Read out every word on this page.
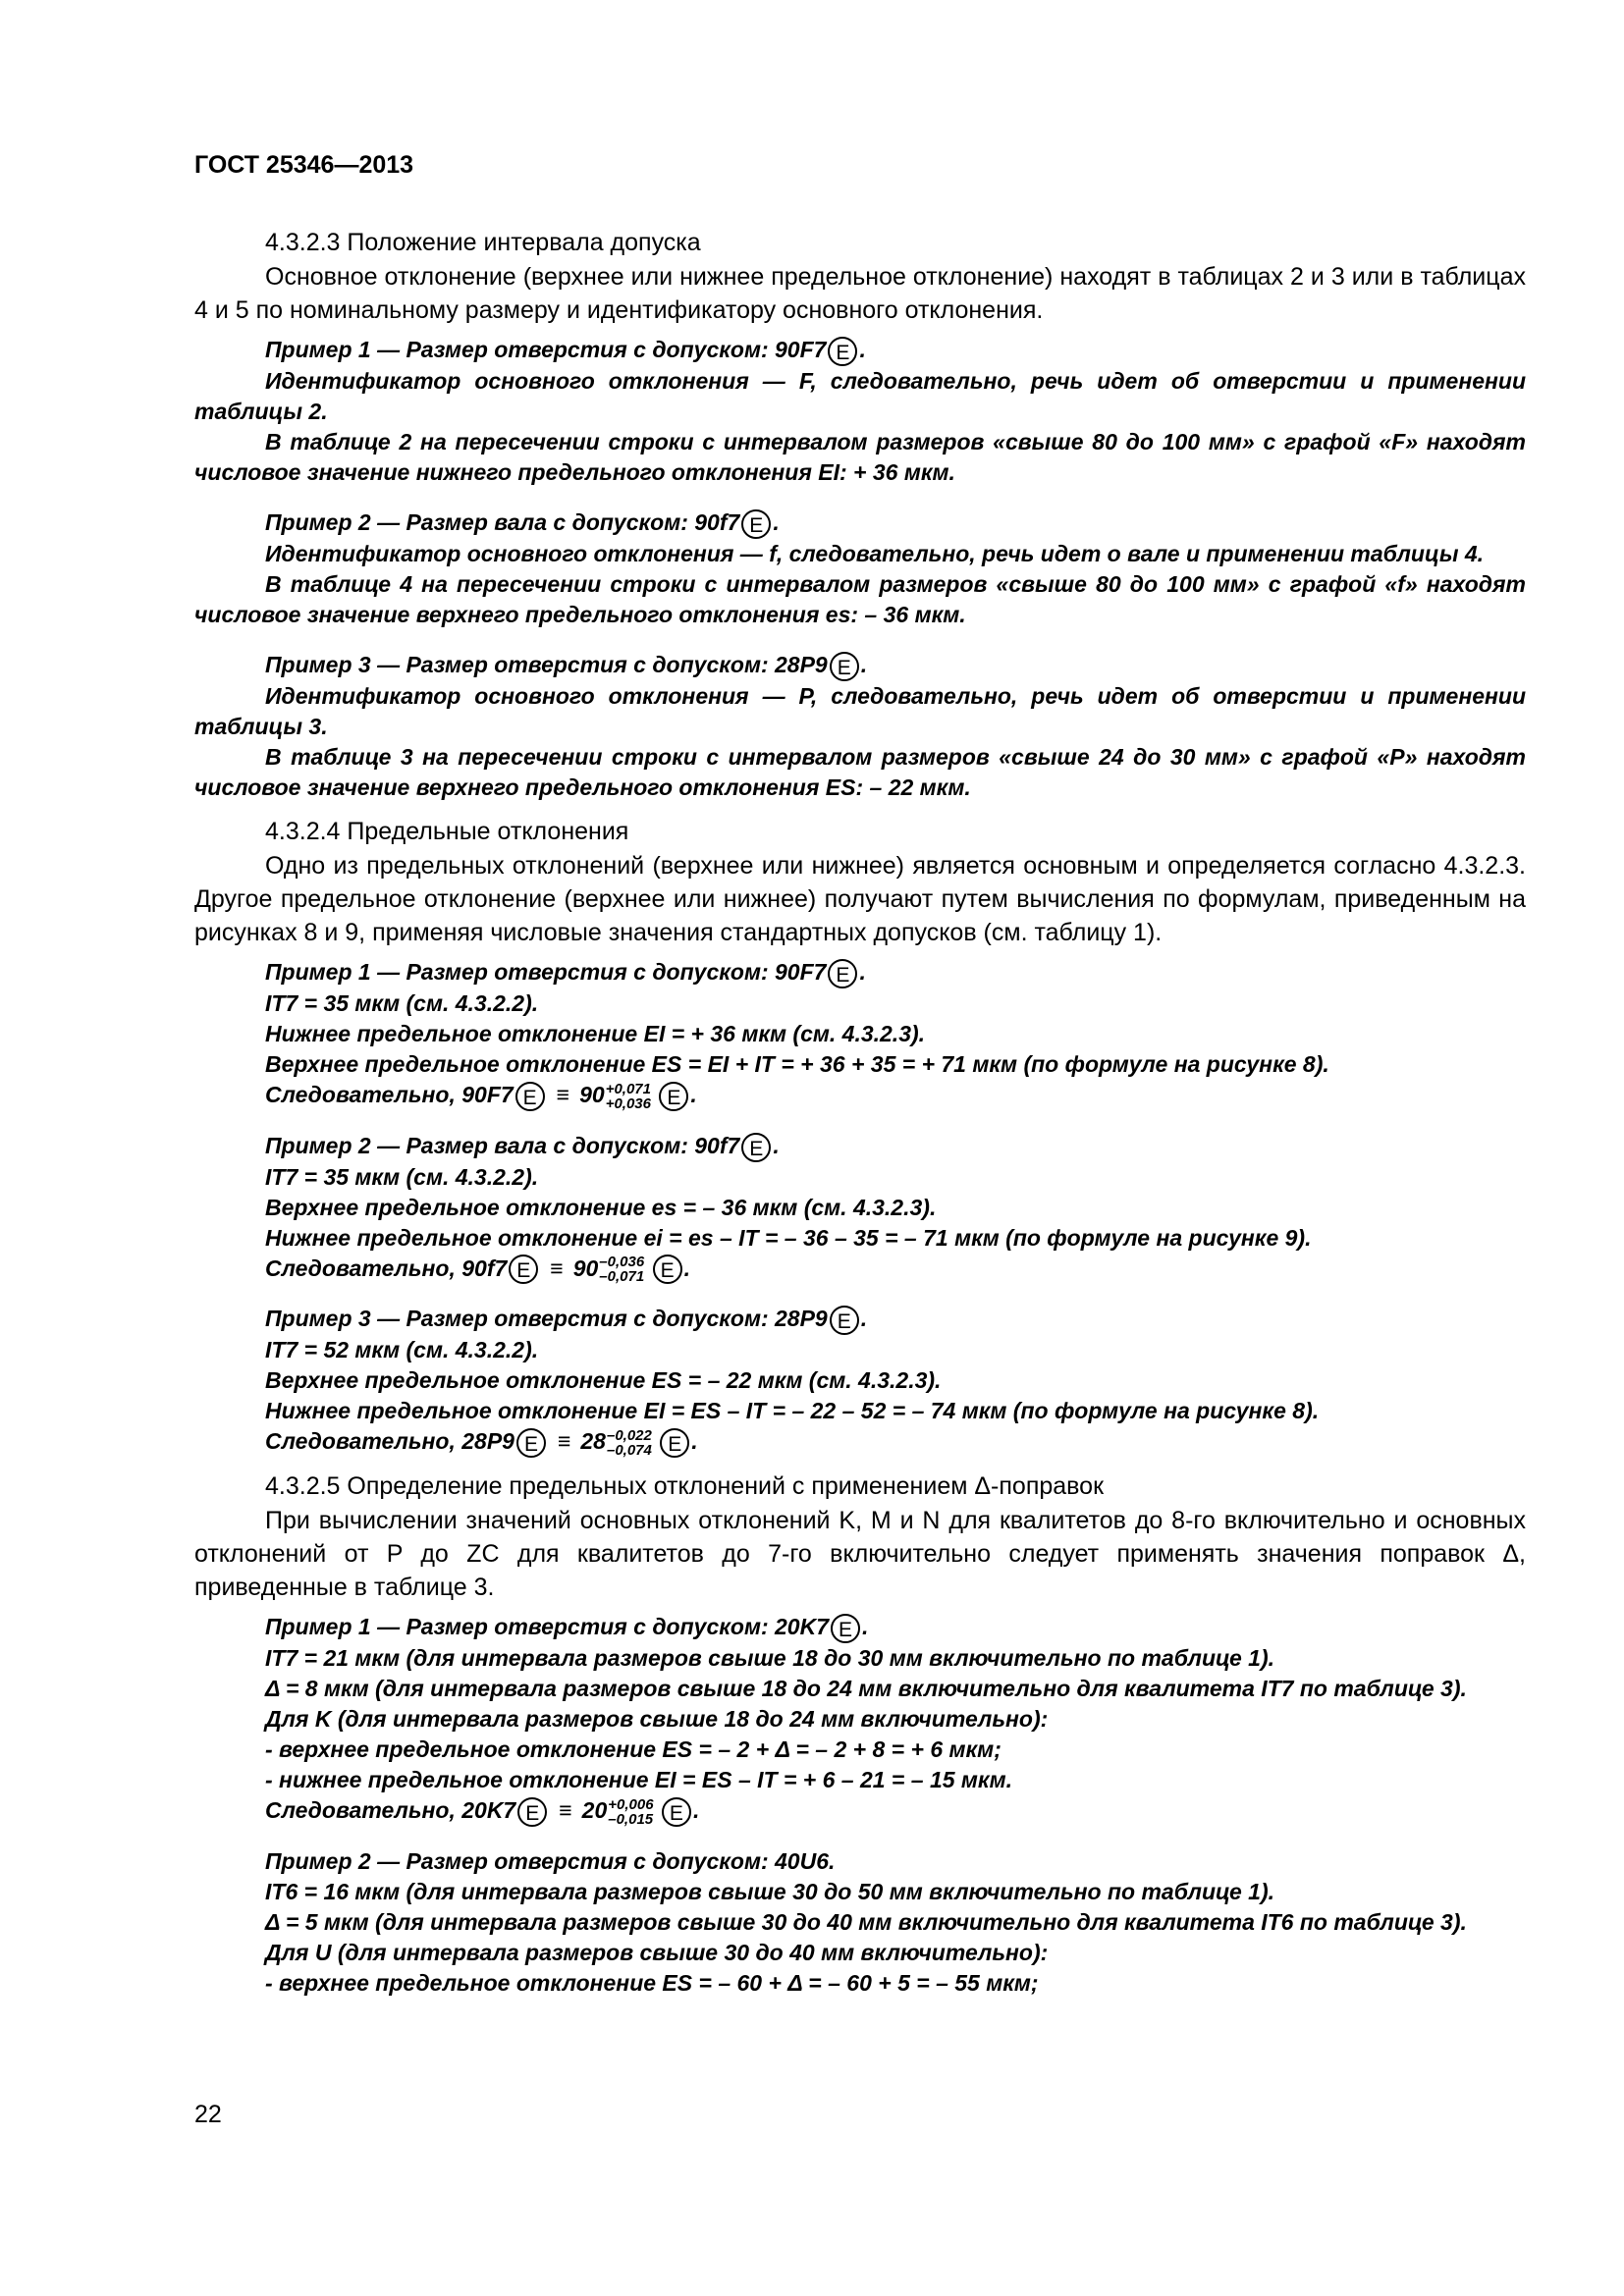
ГОСТ 25346—2013

4.3.2.3 Положение интервала допуска

Основное отклонение (верхнее или нижнее предельное отклонение) находят в таблицах 2 и 3 или в таблицах 4 и 5 по номинальному размеру и идентификатору основного отклонения.

Пример 1 — Размер отверстия с допуском: 90F7 E .

Идентификатор основного отклонения — F, следовательно, речь идет об отверстии и применении таблицы 2.

В таблице 2 на пересечении строки с интервалом размеров «свыше 80 до 100 мм» с графой «F» находят числовое значение нижнего предельного отклонения EI: + 36 мкм.

Пример 2 — Размер вала с допуском: 90f7 E .

Идентификатор основного отклонения — f, следовательно, речь идет о вале и применении таблицы 4.

В таблице 4 на пересечении строки с интервалом размеров «свыше 80 до 100 мм» с графой «f» находят числовое значение верхнего предельного отклонения es: – 36 мкм.

Пример 3 — Размер отверстия с допуском: 28P9 E .

Идентификатор основного отклонения — P, следовательно, речь идет об отверстии и применении таблицы 3.

В таблице 3 на пересечении строки с интервалом размеров «свыше 24 до 30 мм» с графой «P» находят числовое значение верхнего предельного отклонения ES: – 22 мкм.

4.3.2.4 Предельные отклонения

Одно из предельных отклонений (верхнее или нижнее) является основным и определяется согласно 4.3.2.3. Другое предельное отклонение (верхнее или нижнее) получают путем вычисления по формулам, приведенным на рисунках 8 и 9, применяя числовые значения стандартных допусков (см. таблицу 1).

Пример 1 — Размер отверстия с допуском: 90F7 E .

IT7 = 35 мкм (см. 4.3.2.2).

Нижнее предельное отклонение EI = + 36 мкм (см. 4.3.2.3).

Верхнее предельное отклонение ES = EI + IT = + 36 + 35 = + 71 мкм (по формуле на рисунке 8).

Следовательно, 90F7 E ≡ 90 +0,071
+0,036 E .

Пример 2 — Размер вала с допуском: 90f7 E .

IT7 = 35 мкм (см. 4.3.2.2).

Верхнее предельное отклонение es = – 36 мкм (см. 4.3.2.3).

Нижнее предельное отклонение ei = es – IT = – 36 – 35 = – 71 мкм (по формуле на рисунке 9).

Следовательно, 90f7 E ≡ 90 –0,036
–0,071 E .

Пример 3 — Размер отверстия с допуском: 28P9 E .

IT7 = 52 мкм (см. 4.3.2.2).

Верхнее предельное отклонение ES = – 22 мкм (см. 4.3.2.3).

Нижнее предельное отклонение EI = ES – IT = – 22 – 52 = – 74 мкм (по формуле на рисунке 8).

Следовательно, 28P9 E ≡ 28 –0,022
–0,074 E .

4.3.2.5 Определение предельных отклонений с применением Δ-поправок

При вычислении значений основных отклонений K, M и N для квалитетов до 8-го включительно и основных отклонений от P до ZC для квалитетов до 7-го включительно следует применять значения поправок Δ, приведенные в таблице 3.

Пример 1 — Размер отверстия с допуском: 20K7 E .

IT7 = 21 мкм (для интервала размеров свыше 18 до 30 мм включительно по таблице 1).

Δ = 8 мкм (для интервала размеров свыше 18 до 24 мм включительно для квалитета IT7 по таблице 3).

Для K (для интервала размеров свыше 18 до 24 мм включительно):

- верхнее предельное отклонение ES = – 2 + Δ = – 2 + 8 = + 6 мкм;

- нижнее предельное отклонение EI = ES – IT = + 6 – 21 = – 15 мкм.

Следовательно, 20K7 E ≡ 20 +0,006
–0,015 E .

Пример 2 — Размер отверстия с допуском: 40U6.

IT6 = 16 мкм (для интервала размеров свыше 30 до 50 мм включительно по таблице 1).

Δ = 5 мкм (для интервала размеров свыше 30 до 40 мм включительно для квалитета IT6 по таблице 3).

Для U (для интервала размеров свыше 30 до 40 мм включительно):

- верхнее предельное отклонение ES = – 60 + Δ = – 60 + 5 = – 55 мкм;

22
